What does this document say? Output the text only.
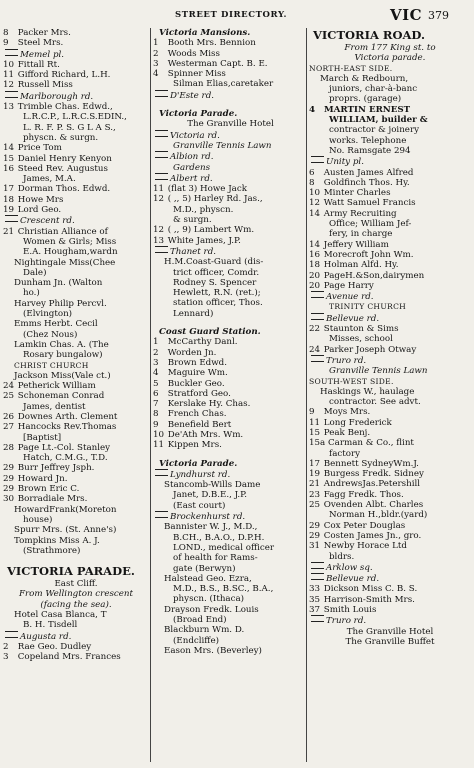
STREET DIRECTORY.	VIC 379
8 Packer Mrs.
9 Steel Mrs.
Memel pl.
10 Fittall Rt.
11 Gifford Richard, L.H.
12 Russell Miss
Marlborough rd.
13 Trimble Chas. Edwd.,
L.R.C.P., L.R.C.S.EDIN.,
L. R. F. P. S. G L A S.,
physcn. & surgn.
14 Price Tom
15 Daniel Henry Kenyon
16 Steed Rev. Augustus
James, M.A.
17 Dorman Thos. Edwd.
18 Howe Mrs
19 Lord Geo.
Crescent rd.
21 Christian Alliance of
Women & Girls; Miss
E.A. Hougham,wardn
Nightingale Miss(Chee
Dale)
Dunham Jn. (Walton
ho.)
Harvey Philip Percvl.
(Elvington)
Emms Herbt. Cecil
(Chez Nous)
Lamkin Chas. A. (The
Rosary bungalow)
CHRIST CHURCH
Jackson Miss(Vale ct.)
24 Petherick William
25 Schoneman Conrad
James, dentist
26 Downes Arth. Clement
27 Hancocks Rev.Thomas
[Baptist]
28 Page Lt.-Col. Stanley
Hatch, C.M.G., T.D.
29 Burr Jeffrey Jsph.
29 Howard Jn.
29 Brown Eric C.
30 Borradiale Mrs.
HowardFrank(Moreton
house)
Spurr Mrs. (St. Anne's)
Tompkins Miss A. J.
(Strathmore)
VICTORIA PARADE.
East Cliff.
From Wellington crescent
(facing the sea).
Hotel Casa Blanca, T
B. H. Tisdell
Augusta rd.
2 Rae Geo. Dudley
3 Copeland Mrs. Frances
Victoria Mansions.
1 Booth Mrs. Bennion
2 Woods Miss
3 Westerman Capt. B. E.
4 Spinner Miss
Silman Elias,caretaker
D'Este rd.
Victoria Parade.
The Granville Hotel
Victoria rd.
Granville Tennis Lawn
Albion rd.
Gardens
Albert rd.
11 (flat 3) Howe Jack
12 ( ,, 5) Harley Rd. Jas.,
M.D., physcn.
& surgn.
12 ( ,, 9) Lambert Wm.
13 White James, J.P.
Thanet rd.
H.M.Coast-Guard (dis-
trict officer, Comdr.
Rodney S. Spencer
Hewlett, R.N. (ret.);
station officer, Thos.
Lennard)
Coast Guard Station.
1 McCarthy Danl.
2 Worden Jn.
3 Brown Edwd.
4 Maguire Wm.
5 Buckler Geo.
6 Stratford Geo.
7 Kerslake Hy. Chas.
8 French Chas.
9 Benefield Bert
10 De'Ath Mrs. Wm.
11 Kippen Mrs.
Victoria Parade.
Lyndhurst rd.
Stancomb-Wills Dame
Janet, D.B.E., J.P.
(East court)
Brockenhurst rd.
Bannister W. J., M.D.,
B.CH., B.A.O., D.P.H.
LOND., medical officer
of health for Rams-
gate (Berwyn)
Halstead Geo. Ezra,
M.D., B.S., B.SC., B.A.,
physcn. (Ithaca)
Drayson Fredk. Louis
(Broad End)
Blackburn Wm. D.
(Endcliffe)
Eason Mrs. (Beverley)
VICTORIA ROAD.
From 177 King st. to
Victoria parade.
NORTH-EAST SIDE.
March & Redbourn,
juniors, char-à-banc
proprs. (garage)
4 MARTIN ERNEST
WILLIAM, builder &
contractor & joinery
works. Telephone
No. Ramsgate 294
Unity pl.
6 Austen James Alfred
8 Goldfinch Thos. Hy.
10 Minter Charles
12 Watt Samuel Francis
14 Army Recruiting
Office; William Jef-
fery, in charge
14 Jeffery William
16 Morecroft John Wm.
18 Holman Alfd. Hy.
20 PageH.&Son,dairymen
20 Page Harry
Avenue rd.
TRINITY CHURCH
Bellevue rd.
22 Staunton & Sims
Misses, school
24 Parker Joseph Otway
Truro rd.
Granville Tennis Lawn
SOUTH-WEST SIDE.
Haskings W., haulage
contractor. See advt.
9 Moys Mrs.
11 Long Frederick
15 Peak Benj.
15a Carman & Co., flint
factory
17 Bennett SydneyWm.J.
19 Burgess Fredk. Sidney
21 AndrewsJas.Petershill
23 Fagg Fredk. Thos.
25 Ovenden Albt. Charles
Norman H.,bldr.(yard)
29 Cox Peter Douglas
29 Costen James Jn., gro.
31 Newby Horace Ltd
bldrs.
Arklow sq.
Bellevue rd.
33 Dickson Miss C. B. S.
35 Harrison-Smith Mrs.
37 Smith Louis
Truro rd.
The Granville Hotel
The Granville Buffet
